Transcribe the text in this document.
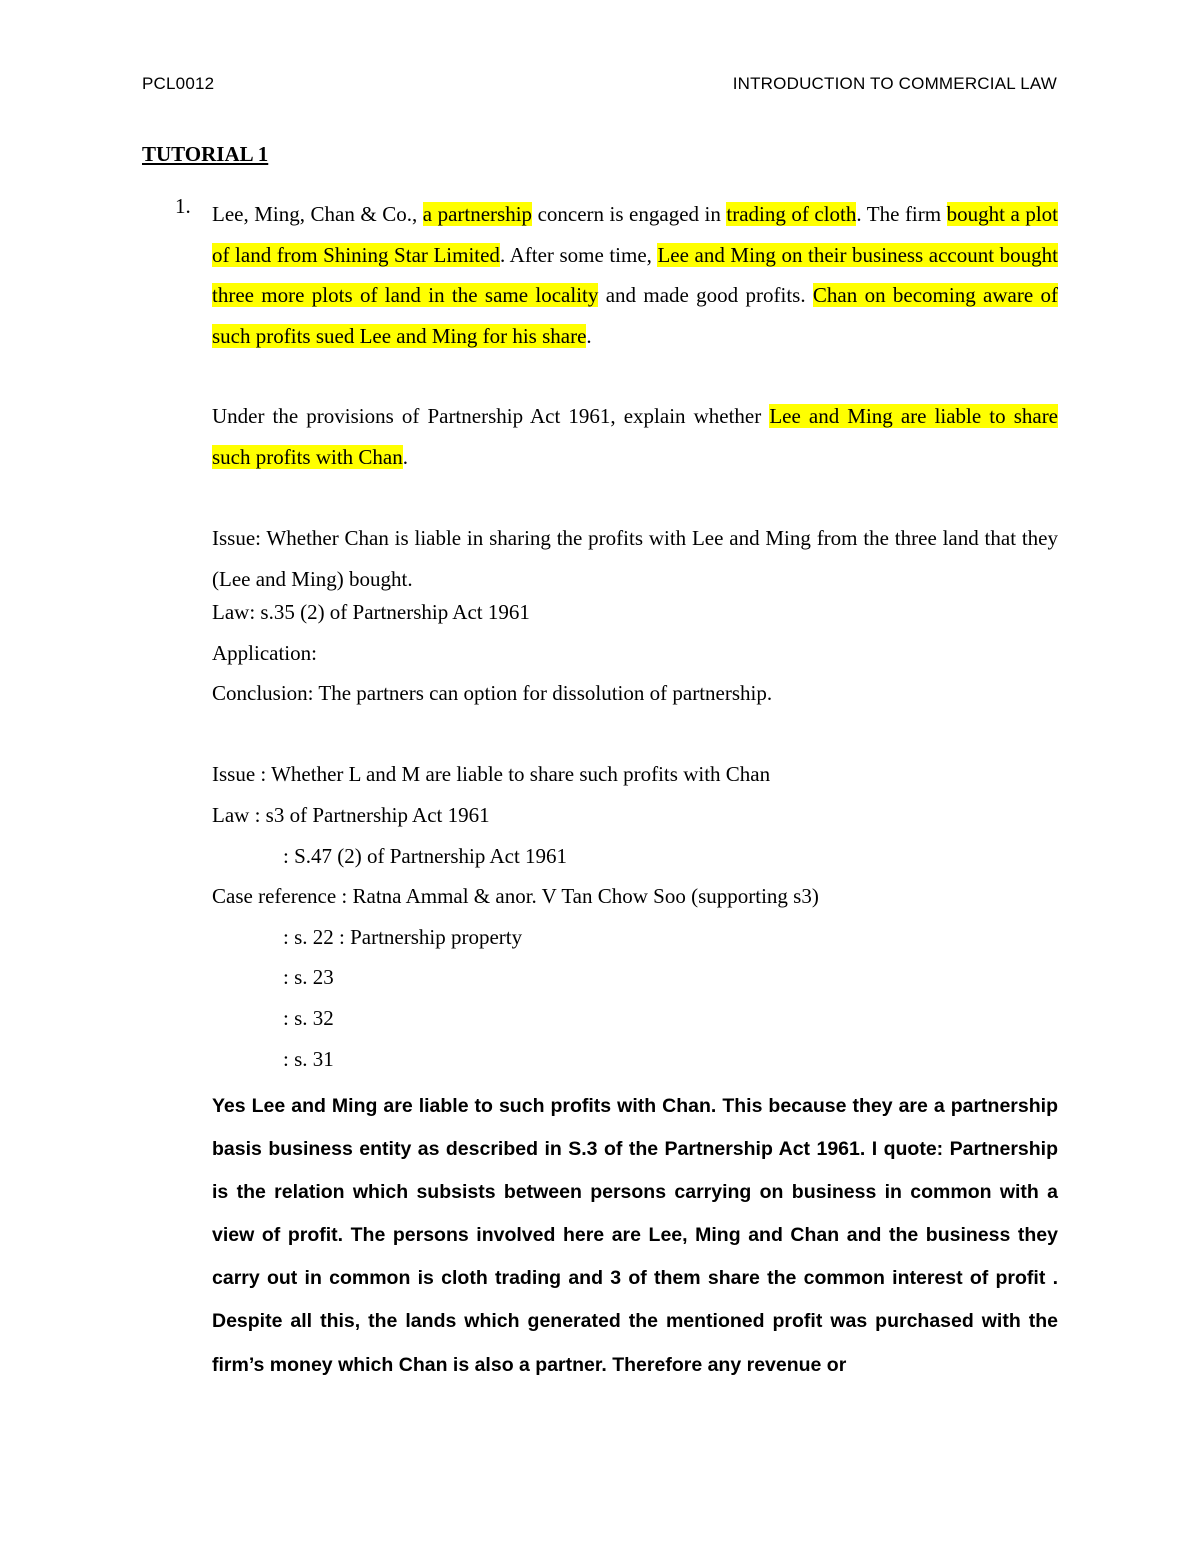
PCL0012	INTRODUCTION TO COMMERCIAL LAW
TUTORIAL 1
1. Lee, Ming, Chan & Co., a partnership concern is engaged in trading of cloth. The firm bought a plot of land from Shining Star Limited. After some time, Lee and Ming on their business account bought three more plots of land in the same locality and made good profits. Chan on becoming aware of such profits sued Lee and Ming for his share.
Under the provisions of Partnership Act 1961, explain whether Lee and Ming are liable to share such profits with Chan.
Issue: Whether Chan is liable in sharing the profits with Lee and Ming from the three land that they (Lee and Ming) bought.
Law: s.35 (2) of Partnership Act 1961
Application:
Conclusion: The partners can option for dissolution of partnership.
Issue : Whether L and M are liable to share such profits with Chan
Law : s3 of Partnership Act 1961
: S.47 (2) of Partnership Act 1961
Case reference : Ratna Ammal & anor. V Tan Chow Soo (supporting s3)
: s. 22 : Partnership property
: s. 23
: s. 32
: s. 31
Yes Lee and Ming are liable to such profits with Chan. This because they are a partnership basis business entity as described in S.3 of the Partnership Act 1961. I quote: Partnership is the relation which subsists between persons carrying on business in common with a view of profit. The persons involved here are Lee, Ming and Chan and the business they carry out in common is cloth trading and 3 of them share the common interest of profit . Despite all this, the lands which generated the mentioned profit was purchased with the firm’s money which Chan is also a partner. Therefore any revenue or
